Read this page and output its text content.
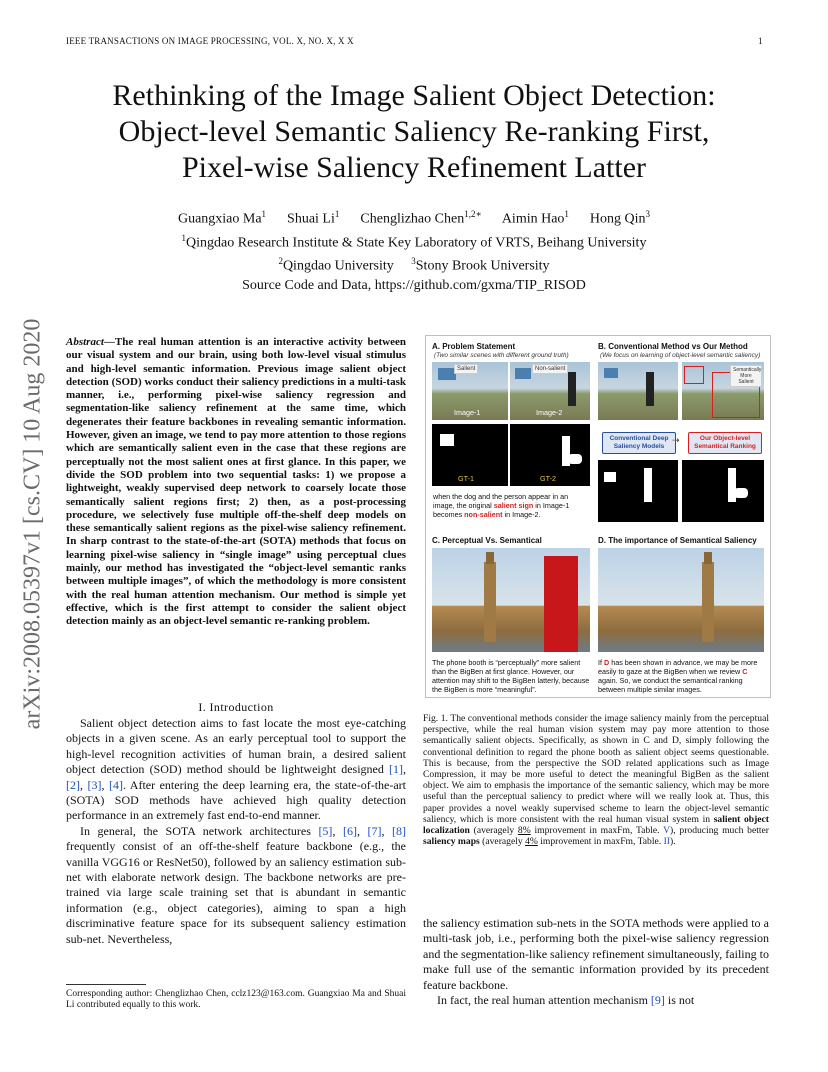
IEEE TRANSACTIONS ON IMAGE PROCESSING, VOL. X, NO. X, X X	1
Rethinking of the Image Salient Object Detection:
Object-level Semantic Saliency Re-ranking First,
Pixel-wise Saliency Refinement Latter
Guangxiao Ma$^1$ Shuai Li$^1$ Chenglizhao Chen$^{1,2∗}$ Aimin Hao$^1$ Hong Qin$^3$
$^1$Qingdao Research Institute & State Key Laboratory of VRTS, Beihang University
$^2$Qingdao University $^3$Stony Brook University
Source Code and Data, https://github.com/gxma/TIP_RISOD
arXiv:2008.05397v1 [cs.CV] 10 Aug 2020 Abstract—The real human attention is an interactive activity between our visual system and our brain, using both low-level visual stimulus and high-level semantic information. Previous image salient object detection (SOD) works conduct their saliency predictions in a multi-task manner, i.e., performing pixel-wise saliency regression and segmentation-like saliency refinement at the same time, which degenerates their feature backbones in revealing semantic information. However, given an image, we tend to pay more attention to those regions which are semantically salient even in the case that these regions are perceptually not the most salient ones at first glance. In this paper, we divide the SOD problem into two sequential tasks: 1) we propose a lightweight, weakly supervised deep network to coarsely locate those semantically salient regions first; 2) then, as a post-processing procedure, we selectively fuse multiple off-the-shelf deep models on these semantically salient regions as the pixel-wise saliency refinement. In sharp contrast to the state-of-the-art (SOTA) methods that focus on learning pixel-wise saliency in “single image” using perceptual clues mainly, our method has investigated the “object-level semantic ranks between multiple images”, of which the methodology is more consistent with the real human attention mechanism. Our method is simple yet effective, which is the first attempt to consider the salient object detection mainly as an object-level semantic re-ranking problem.
I. Introduction

Salient object detection aims to fast locate the most eye-catching objects in a given scene. As an early perceptual tool to support the high-level recognition activities of human brain, a desired salient object detection (SOD) method should be lightweight designed [1], [2], [3], [4]. After entering the deep learning era, the state-of-the-art (SOTA) SOD methods have achieved high quality detection performance in an extremely fast end-to-end manner.

In general, the SOTA network architectures [5], [6], [7], [8] frequently consist of an off-the-shelf feature backbone (e.g., the vanilla VGG16 or ResNet50), followed by an saliency estimation sub-net with elaborate network design. The backbone networks are pre-trained via large scale training set that is abundant in semantic information (e.g., object categories), aiming to span a high discriminative feature space for its subsequent saliency estimation sub-net. Nevertheless,

Corresponding author: Chenglizhao Chen, cclz123@163.com. Guangxiao Ma and Shuai Li contributed equally to this work.
A. Problem Statement
(Two similar scenes with different ground truth)
Salient
Image-1
Non-salient
Image-2
GT-1	GT-2
when the dog and the person appear in an image, the original salient sign in Image-1 becomes non-salient in Image-2.
B. Conventional Method vs Our Method
(We focus on learning of object-level semantic saliency)
Semantically More Salient
Conventional Deep Saliency Models
Our Object-level Semantical Ranking
⇢
C. Perceptual Vs. Semantical
The phone booth is “perceptually” more salient than the BigBen at first glance. However, our attention may shift to the BigBen latterly, because the BigBen is more “meaningful”.
D. The importance of Semantical Saliency
If D has been shown in advance, we may be more easily to gaze at the BigBen when we review C again. So, we conduct the semantical ranking between multiple similar images.
Fig. 1. The conventional methods consider the image saliency mainly from the perceptual perspective, while the real human vision system may pay more attention to those semantically salient objects. Specifically, as shown in C and D, simply following the conventional definition to regard the phone booth as salient object seems questionable. This is because, from the perspective the SOD related applications such as Image Compression, it may be more useful to detect the meaningful BigBen as the salient object. We aim to emphasis the importance of the semantic saliency, which may be more useful than the perceptual saliency to predict where will we really look at. Thus, this paper provides a novel weakly supervised scheme to learn the object-level semantic saliency, which is more consistent with the real human visual system in salient object localization (averagely 8% improvement in maxFm, Table. V), producing much better saliency maps (averagely 4% improvement in maxFm, Table. II).

the saliency estimation sub-nets in the SOTA methods were applied to a multi-task job, i.e., performing both the pixel-wise saliency regression and the segmentation-like saliency refinement simultaneously, failing to make full use of the semantic information provided by its precedent feature backbone.

In fact, the real human attention mechanism [9] is not
